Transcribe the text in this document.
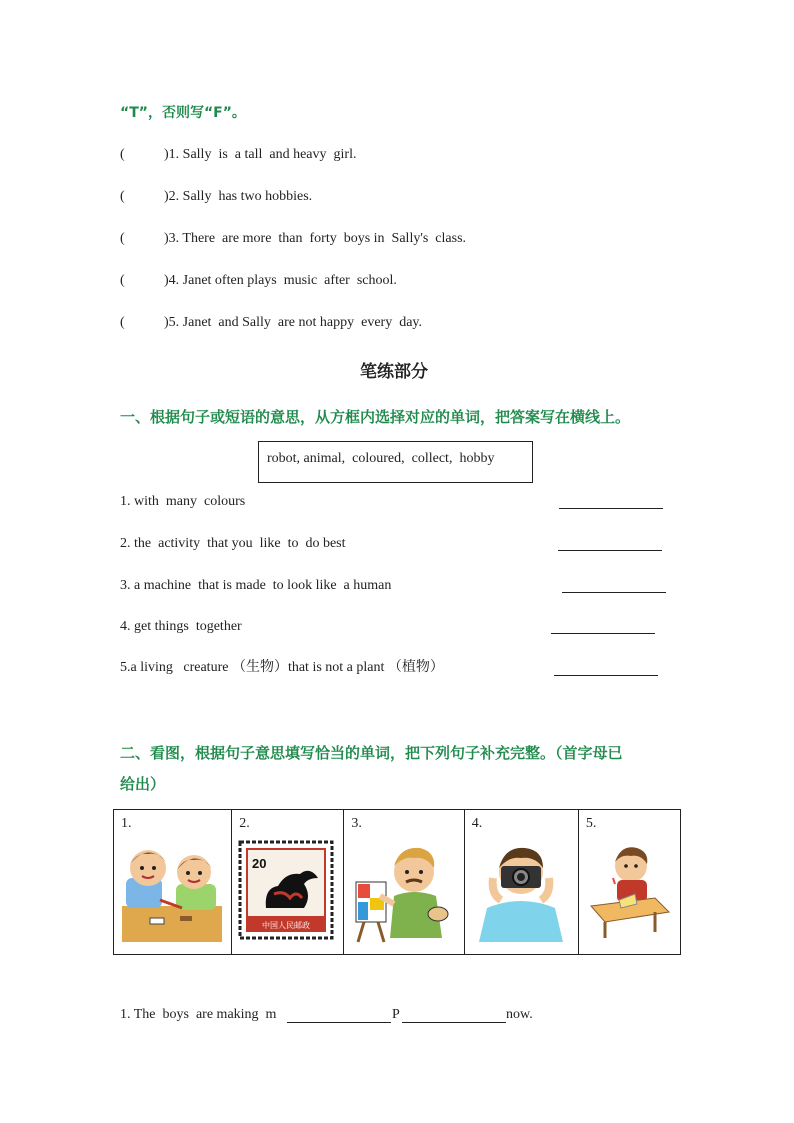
“T”，否则写“F”。
(	)1. Sally  is  a tall  and heavy  girl.
(	)2. Sally  has two hobbies.
(	)3. There  are more  than  forty  boys in  Sally's  class.
(	)4. Janet often plays  music  after  school.
(	)5. Janet  and Sally  are not happy  every  day.
笔练部分
一、根据句子或短语的意思，从方框内选择对应的单词，把答案写在横线上。
robot, animal,  coloured,  collect,  hobby
1. with  many  colours
2. the  activity  that you  like  to  do best
3. a machine  that is made  to look like  a human
4. get things  together
5.a living   creature （生物）that is not a plant （植物）
二、看图，根据句子意思填写恰当的单词，把下列句子补充完整。（首字母已
给出）
1.	2.
20
中国人民邮政

3.	4.	5.
1. The  boys  are making  m	P	now.
